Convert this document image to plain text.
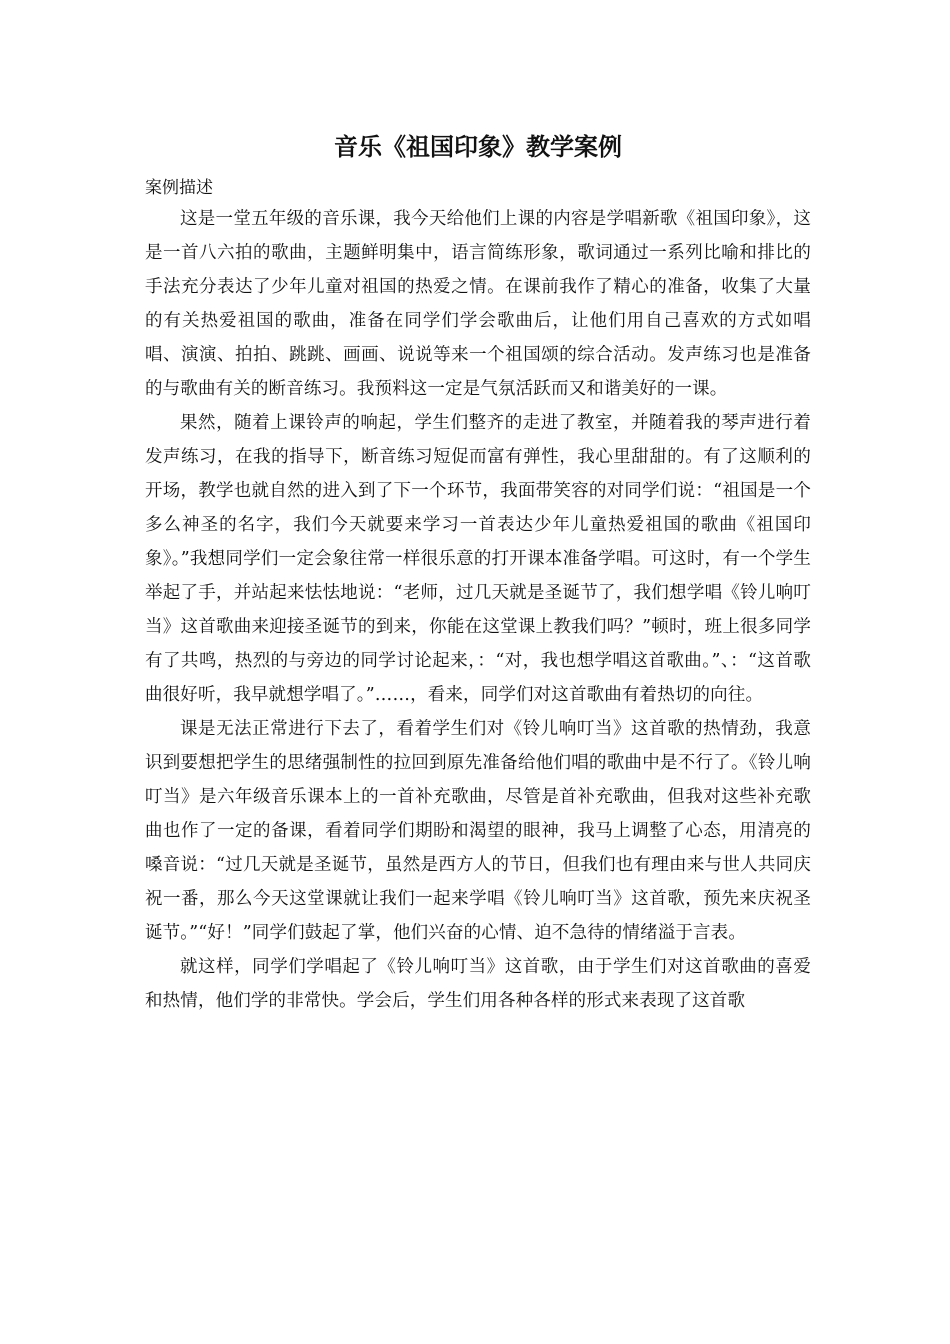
音乐《祖国印象》教学案例
案例描述

这是一堂五年级的音乐课，我今天给他们上课的内容是学唱新歌《祖国印象》，这是一首八六拍的歌曲，主题鲜明集中，语言简练形象，歌词通过一系列比喻和排比的手法充分表达了少年儿童对祖国的热爱之情。在课前我作了精心的准备，收集了大量的有关热爱祖国的歌曲，准备在同学们学会歌曲后，让他们用自己喜欢的方式如唱唱、演演、拍拍、跳跳、画画、说说等来一个祖国颂的综合活动。发声练习也是准备的与歌曲有关的断音练习。我预料这一定是气氛活跃而又和谐美好的一课。

果然，随着上课铃声的响起，学生们整齐的走进了教室，并随着我的琴声进行着发声练习，在我的指导下，断音练习短促而富有弹性，我心里甜甜的。有了这顺利的开场，教学也就自然的进入到了下一个环节，我面带笑容的对同学们说：“祖国是一个多么神圣的名字，我们今天就要来学习一首表达少年儿童热爱祖国的歌曲《祖国印象》。”我想同学们一定会象往常一样很乐意的打开课本准备学唱。可这时，有一个学生举起了手，并站起来怯怯地说：“老师，过几天就是圣诞节了，我们想学唱《铃儿响叮当》这首歌曲来迎接圣诞节的到来，你能在这堂课上教我们吗？”顿时，班上很多同学有了共鸣，热烈的与旁边的同学讨论起来，：“对，我也想学唱这首歌曲。”、：“这首歌曲很好听，我早就想学唱了。”……，看来，同学们对这首歌曲有着热切的向往。

课是无法正常进行下去了，看着学生们对《铃儿响叮当》这首歌的热情劲，我意识到要想把学生的思绪强制性的拉回到原先准备给他们唱的歌曲中是不行了。《铃儿响叮当》是六年级音乐课本上的一首补充歌曲，尽管是首补充歌曲，但我对这些补充歌曲也作了一定的备课，看着同学们期盼和渴望的眼神，我马上调整了心态，用清亮的嗓音说：“过几天就是圣诞节，虽然是西方人的节日，但我们也有理由来与世人共同庆祝一番，那么今天这堂课就让我们一起来学唱《铃儿响叮当》这首歌，预先来庆祝圣诞节。”“好！”同学们鼓起了掌，他们兴奋的心情、迫不急待的情绪溢于言表。

就这样，同学们学唱起了《铃儿响叮当》这首歌，由于学生们对这首歌曲的喜爱和热情，他们学的非常快。学会后，学生们用各种各样的形式来表现了这首歌
